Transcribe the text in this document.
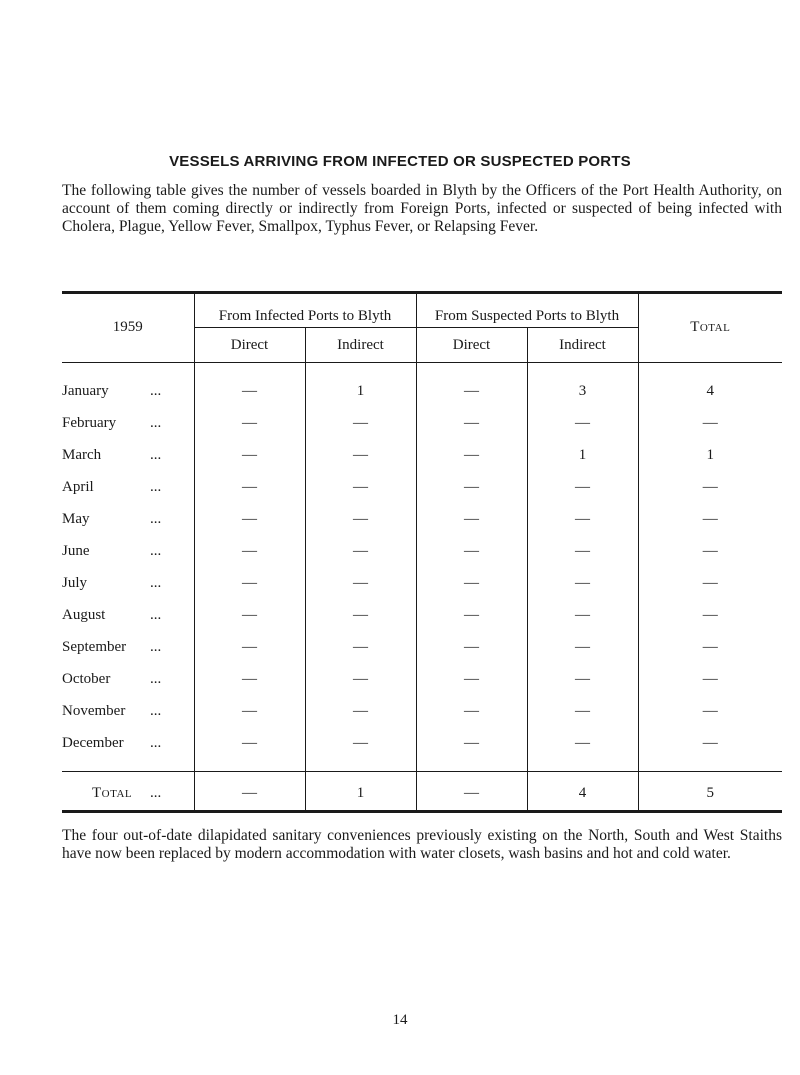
VESSELS ARRIVING FROM INFECTED OR SUSPECTED PORTS
The following table gives the number of vessels boarded in Blyth by the Officers of the Port Health Authority, on account of them coming directly or indirectly from Foreign Ports, infected or suspected of being infected with Cholera, Plague, Yellow Fever, Smallpox, Typhus Fever, or Relapsing Fever.
1959	From Infected Ports to Blyth		From Suspected Ports to Blyth		Total
	Direct	Indirect	Direct	Indirect	
January ...	—	1	—	3	4
February ...	—	—	—	—	—
March ...	—	—	—	1	1
April ...	—	—	—	—	—
May ...	—	—	—	—	—
June ...	—	—	—	—	—
July ...	—	—	—	—	—
August ...	—	—	—	—	—
September ...	—	—	—	—	—
October ...	—	—	—	—	—
November ...	—	—	—	—	—
December ...	—	—	—	—	—
Total ...	—	1	—	4	5
The four out-of-date dilapidated sanitary conveniences previously existing on the North, South and West Staiths have now been replaced by modern accommodation with water closets, wash basins and hot and cold water.
14
